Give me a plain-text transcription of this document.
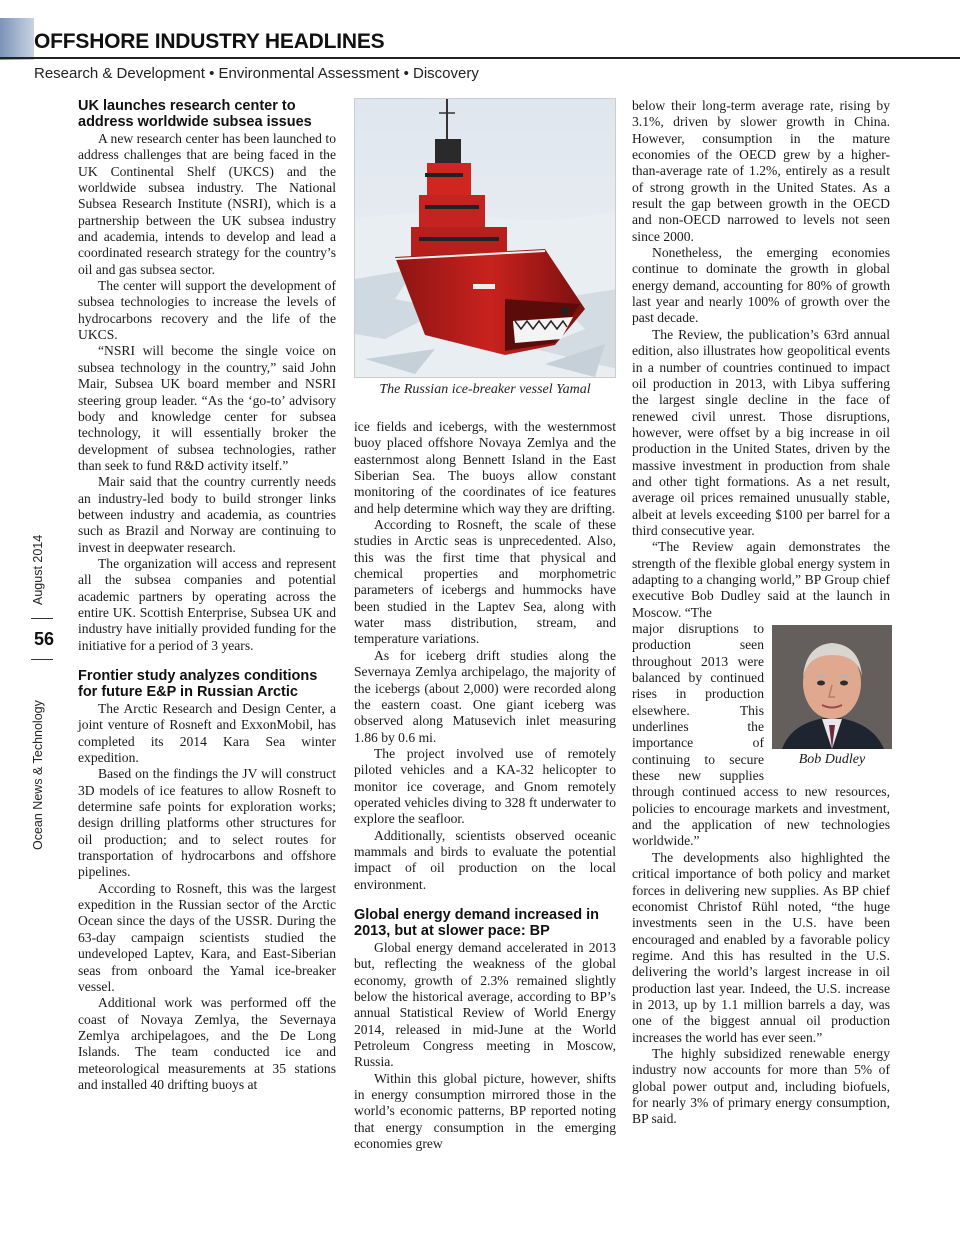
OFFSHORE INDUSTRY HEADLINES
Research & Development • Environmental Assessment • Discovery
August 2014
56
Ocean News & Technology
UK launches research center to address worldwide subsea issues

A new research center has been launched to address challenges that are being faced in the UK Continental Shelf (UKCS) and the worldwide subsea industry. The National Subsea Research Institute (NSRI), which is a partnership between the UK subsea industry and academia, intends to develop and lead a coordinated research strategy for the country’s oil and gas subsea sector.

The center will support the development of subsea technologies to increase the levels of hydrocarbons recovery and the life of the UKCS.

“NSRI will become the single voice on subsea technology in the country,” said John Mair, Subsea UK board member and NSRI steering group leader. “As the ‘go-to’ advisory body and knowledge center for subsea technology, it will essentially broker the development of subsea technologies, rather than seek to fund R&D activity itself.”

Mair said that the country currently needs an industry-led body to build stronger links between industry and academia, as countries such as Brazil and Norway are continuing to invest in deepwater research.

The organization will access and represent all the subsea companies and potential academic partners by operating across the entire UK. Scottish Enterprise, Subsea UK and industry have initially provided funding for the initiative for a period of 3 years.

Frontier study analyzes conditions for future E&P in Russian Arctic

The Arctic Research and Design Center, a joint venture of Rosneft and ExxonMobil, has completed its 2014 Kara Sea winter expedition.

Based on the findings the JV will construct 3D models of ice features to allow Rosneft to determine safe points for exploration works; design drilling platforms other structures for oil production; and to select routes for transportation of hydrocarbons and offshore pipelines.

According to Rosneft, this was the largest expedition in the Russian sector of the Arctic Ocean since the days of the USSR. During the 63-day campaign scientists studied the undeveloped Laptev, Kara, and East-Siberian seas from onboard the Yamal ice-breaker vessel.

Additional work was performed off the coast of Novaya Zemlya, the Severnaya Zemlya archipelagoes, and the De Long Islands. The team conducted ice and meteorological measurements at 35 stations and installed 40 drifting buoys at

The Russian ice-breaker vessel Yamal

ice fields and icebergs, with the westernmost buoy placed offshore Novaya Zemlya and the easternmost along Bennett Island in the East Siberian Sea. The buoys allow constant monitoring of the coordinates of ice features and help determine which way they are drifting.

According to Rosneft, the scale of these studies in Arctic seas is unprecedented. Also, this was the first time that physical and chemical properties and morphometric parameters of icebergs and hummocks have been studied in the Laptev Sea, along with water mass distribution, stream, and temperature variations.

As for iceberg drift studies along the Severnaya Zemlya archipelago, the majority of the icebergs (about 2,000) were recorded along the eastern coast. One giant iceberg was observed along Matusevich inlet measuring 1.86 by 0.6 mi.

The project involved use of remotely piloted vehicles and a KA-32 helicopter to monitor ice coverage, and Gnom remotely operated vehicles diving to 328 ft underwater to explore the seafloor.

Additionally, scientists observed oceanic mammals and birds to evaluate the potential impact of oil production on the local environment.

Global energy demand increased in 2013, but at slower pace: BP

Global energy demand accelerated in 2013 but, reflecting the weakness of the global economy, growth of 2.3% remained slightly below the historical average, according to BP’s annual Statistical Review of World Energy 2014, released in mid-June at the World Petroleum Congress meeting in Moscow, Russia.

Within this global picture, however, shifts in energy consumption mirrored those in the world’s economic patterns, BP reported noting that energy consumption in the emerging economies grew

below their long-term average rate, rising by 3.1%, driven by slower growth in China. However, consumption in the mature economies of the OECD grew by a higher-than-average rate of 1.2%, entirely as a result of strong growth in the United States. As a result the gap between growth in the OECD and non-OECD narrowed to levels not seen since 2000.

Nonetheless, the emerging economies continue to dominate the growth in global energy demand, accounting for 80% of growth last year and nearly 100% of growth over the past decade.

The Review, the publication’s 63rd annual edition, also illustrates how geopolitical events in a number of countries continued to impact oil production in 2013, with Libya suffering the largest single decline in the face of renewed civil unrest. Those disruptions, however, were offset by a big increase in oil production in the United States, driven by the massive investment in production from shale and other tight formations. As a net result, average oil prices remained unusually stable, albeit at levels exceeding $100 per barrel for a third consecutive year.

“The Review again demonstrates the strength of the flexible global energy system in adapting to a changing world,” BP Group chief executive Bob Dudley said at the launch in Moscow. “The

Bob Dudley

major disruptions to production seen throughout 2013 were balanced by continued rises in production elsewhere. This underlines the importance of continuing to secure these new supplies through continued access to new resources, policies to encourage markets and investment, and the application of new technologies worldwide.”

The developments also highlighted the critical importance of both policy and market forces in delivering new supplies. As BP chief economist Christof Rühl noted, “the huge investments seen in the U.S. have been encouraged and enabled by a favorable policy regime. And this has resulted in the U.S. delivering the world’s largest increase in oil production last year. Indeed, the U.S. increase in 2013, up by 1.1 million barrels a day, was one of the biggest annual oil production increases the world has ever seen.”

The highly subsidized renewable energy industry now accounts for more than 5% of global power output and, including biofuels, for nearly 3% of primary energy consumption, BP said.
